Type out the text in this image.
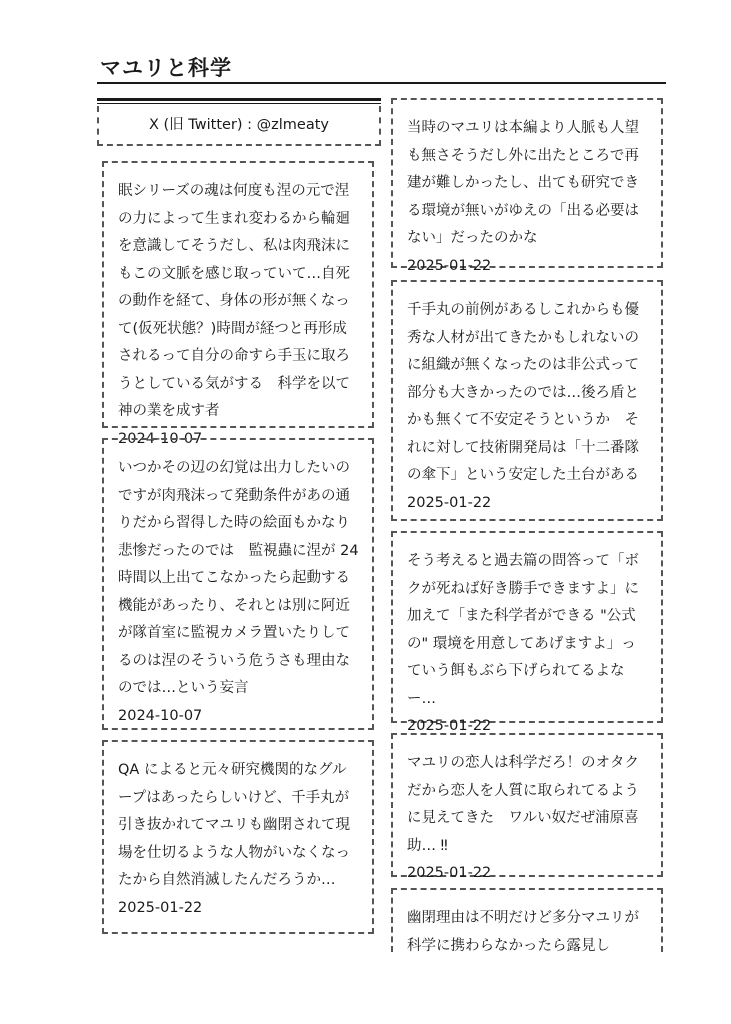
マユリと科学
X (旧 Twitter) : @zlmeaty
眠シリーズの魂は何度も涅の元で涅の力によって生まれ変わるから輪廻を意識してそうだし、私は肉飛沫にもこの文脈を感じ取っていて…自死の動作を経て、身体の形が無くなって(仮死状態？)時間が経つと再形成されるって自分の命すら手玉に取ろうとしている気がする　科学を以て神の業を成す者
2024-10-07
いつかその辺の幻覚は出力したいのですが肉飛沫って発動条件があの通りだから習得した時の絵面もかなり悲惨だったのでは　監視蟲に涅が 24 時間以上出てこなかったら起動する機能があったり、それとは別に阿近が隊首室に監視カメラ置いたりしてるのは涅のそういう危うさも理由なのでは…という妄言
2024-10-07
QA によると元々研究機関的なグループはあったらしいけど、千手丸が引き抜かれてマユリも幽閉されて現場を仕切るような人物がいなくなったから自然消滅したんだろうか…
2025-01-22
当時のマユリは本編より人脈も人望も無さそうだし外に出たところで再建が難しかったし、出ても研究できる環境が無いがゆえの「出る必要はない」だったのかな
2025-01-22
千手丸の前例があるしこれからも優秀な人材が出てきたかもしれないのに組織が無くなったのは非公式って部分も大きかったのでは…後ろ盾とかも無くて不安定そうというか　それに対して技術開発局は「十二番隊の傘下」という安定した土台がある
2025-01-22
そう考えると過去篇の問答って「ボクが死ねば好き勝手できますよ」に加えて「また科学者ができる "公式の" 環境を用意してあげますよ」っていう餌もぶら下げられてるよなー…
2025-01-22
マユリの恋人は科学だろ！のオタクだから恋人を人質に取られてるように見えてきた　ワルい奴だぜ浦原喜助… ‼
2025-01-22
幽閉理由は不明だけど多分マユリが科学に携わらなかったら露見し
